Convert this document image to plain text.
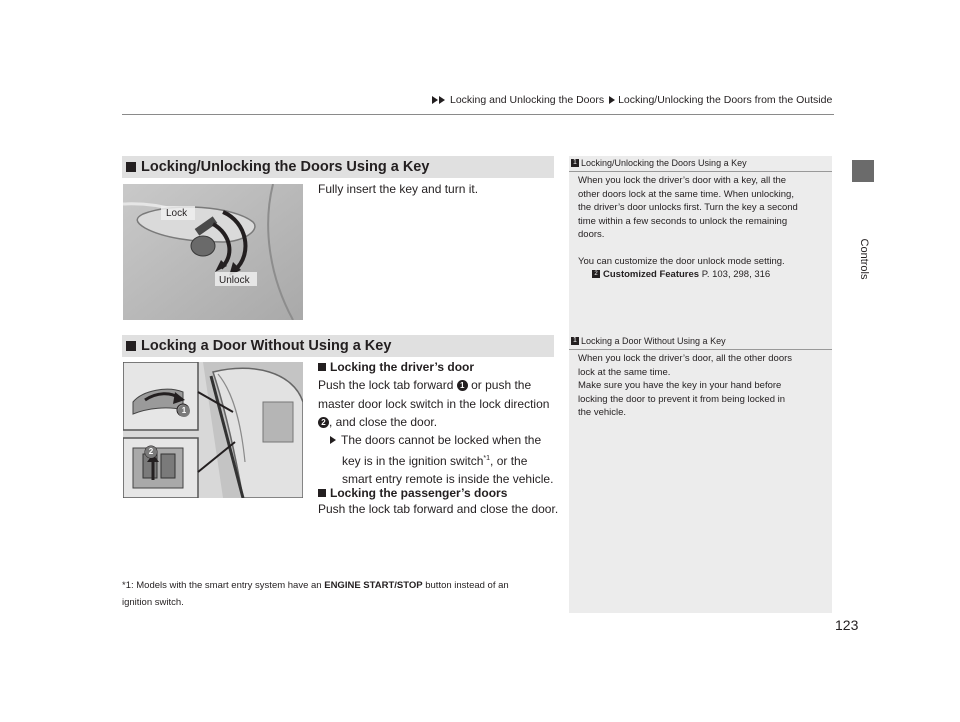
Locking and Unlocking the Doors Locking/Unlocking the Doors from the Outside
Controls
Locking/Unlocking the Doors Using a Key
Lock
Unlock
Fully insert the key and turn it.
Locking a Door Without Using a Key
1
2
Locking the driver’s door
Push the lock tab forward 1 or push the
master door lock switch in the lock direction
2 , and close the door.
The doors cannot be locked when the
key is in the ignition switch$^{*1}$, or the
smart entry remote is inside the vehicle.
Locking the passenger’s doors
Push the lock tab forward and close the door.
*1: Models with the smart entry system have an ENGINE START/STOP button instead of an
ignition switch.
1 Locking/Unlocking the Doors Using a Key
When you lock the driver’s door with a key, all the
other doors lock at the same time. When unlocking,
the driver’s door unlocks first. Turn the key a second
time within a few seconds to unlock the remaining
doors.
You can customize the door unlock mode setting.
2 Customized Features P. 103, 298, 316
1 Locking a Door Without Using a Key
When you lock the driver’s door, all the other doors
lock at the same time.
Make sure you have the key in your hand before
locking the door to prevent it from being locked in
the vehicle.
123
